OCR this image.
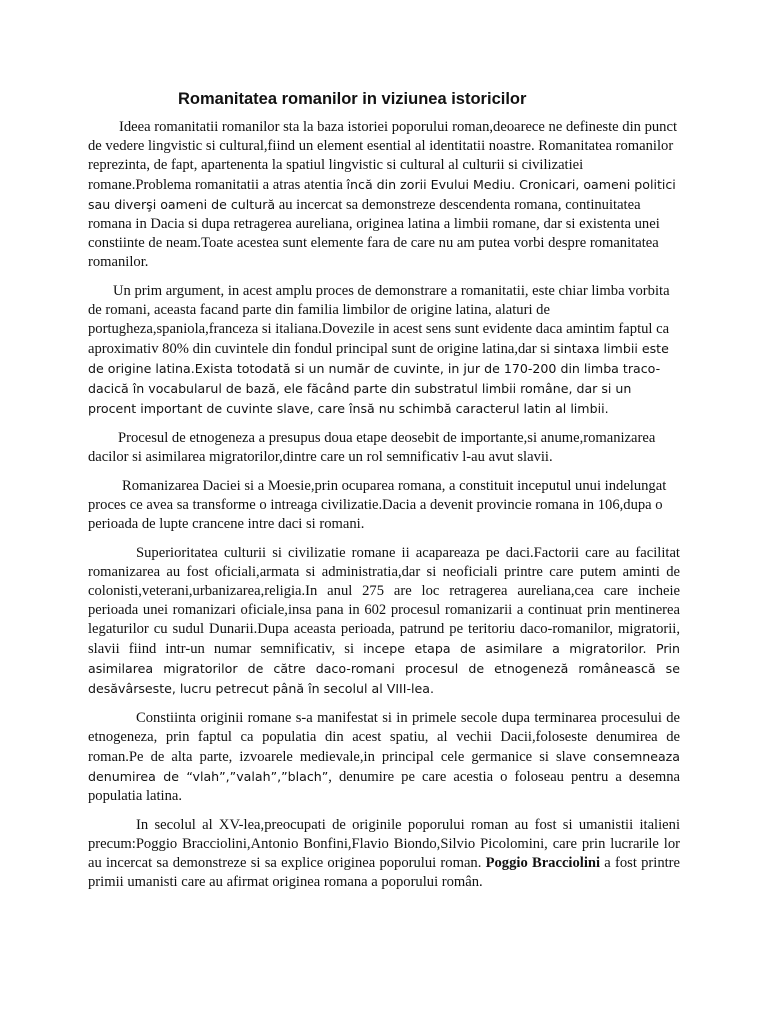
Romanitatea romanilor in viziunea istoricilor

Ideea romanitatii romanilor sta la baza istoriei poporului roman,deoarece ne defineste din punct de vedere lingvistic si cultural,fiind un element esential al identitatii noastre. Romanitatea romanilor reprezinta, de fapt, apartenenta la spatiul lingvistic si cultural al culturii si civilizatiei romane.Problema romanitatii a atras atentia încă din zorii Evului Mediu. Cronicari, oameni politici sau diverşi oameni de cultură au incercat sa demonstreze descendenta romana, continuitatea romana in Dacia si dupa retragerea aureliana, originea latina a limbii romane, dar si existenta unei constiinte de neam.Toate acestea sunt elemente fara de care nu am putea vorbi despre romanitatea romanilor.

Un prim argument, in acest amplu proces de demonstrare a romanitatii, este chiar limba vorbita de romani, aceasta facand parte din familia limbilor de origine latina, alaturi de portugheza,spaniola,franceza si italiana.Dovezile in acest sens sunt evidente daca amintim faptul ca aproximativ 80% din cuvintele din fondul principal sunt de origine latina,dar si sintaxa limbii este de origine latina.Exista totodată si un număr de cuvinte, in jur de 170-200 din limba traco-dacică în vocabularul de bază, ele făcând parte din substratul limbii române, dar si un procent important de cuvinte slave, care însă nu schimbă caracterul latin al limbii.

Procesul de etnogeneza a presupus doua etape deosebit de importante,si anume,romanizarea dacilor si asimilarea migratorilor,dintre care un rol semnificativ l-au avut slavii.

Romanizarea Daciei si a Moesie,prin ocuparea romana, a constituit inceputul unui indelungat proces ce avea sa transforme o intreaga civilizatie.Dacia a devenit provincie romana in 106,dupa o perioada de lupte crancene intre daci si romani.

Superioritatea culturii si civilizatie romane ii acapareaza pe daci.Factorii care au facilitat romanizarea au fost oficiali,armata si administratia,dar si neoficiali printre care putem aminti de colonisti,veterani,urbanizarea,religia.In anul 275 are loc retragerea aureliana,cea care incheie perioada unei romanizari oficiale,insa pana in 602 procesul romanizarii a continuat prin mentinerea legaturilor cu sudul Dunarii.Dupa aceasta perioada, patrund pe teritoriu daco-romanilor, migratorii, slavii fiind intr-un numar semnificativ, si incepe etapa de asimilare a migratorilor. Prin asimilarea migratorilor de către daco-romani procesul de etnogeneză românească se desăvârseste, lucru petrecut până în secolul al VIII-lea.

Constiinta originii romane s-a manifestat si in primele secole dupa terminarea procesului de etnogeneza, prin faptul ca populatia din acest spatiu, al vechii Dacii,foloseste denumirea de roman.Pe de alta parte, izvoarele medievale,in principal cele germanice si slave consemneaza denumirea de “vlah”,”valah”,”blach”, denumire pe care acestia o foloseau pentru a desemna populatia latina.

In secolul al XV-lea,preocupati de originile poporului roman au fost si umanistii italieni precum:Poggio Bracciolini,Antonio Bonfini,Flavio Biondo,Silvio Picolomini, care prin lucrarile lor au incercat sa demonstreze si sa explice originea poporului roman. Poggio Bracciolini a fost printre primii umanisti care au afirmat originea romana a poporului român.
